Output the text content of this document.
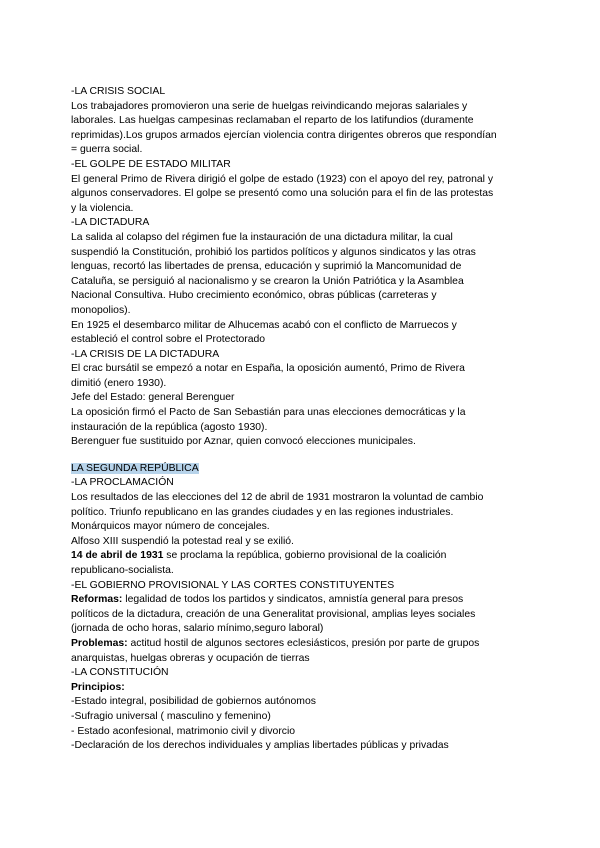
-LA CRISIS SOCIAL
Los trabajadores promovieron una serie de huelgas reivindicando mejoras salariales y
laborales. Las huelgas campesinas reclamaban el reparto de los latifundios (duramente
reprimidas).Los grupos armados ejercían violencia contra dirigentes obreros que respondían
= guerra social.
-EL GOLPE DE ESTADO MILITAR
El general Primo de Rivera dirigió el golpe de estado (1923) con el apoyo del rey, patronal y
algunos conservadores. El golpe se presentó como una solución para el fin de las protestas
y la violencia.
-LA DICTADURA
La salida al colapso del régimen fue la instauración de una dictadura militar, la cual
suspendió la Constitución, prohibió los partidos políticos y algunos sindicatos y las otras
lenguas, recortó las libertades de prensa, educación y suprimió la Mancomunidad de
Cataluña, se persiguió al nacionalismo y se crearon la Unión Patriótica y la Asamblea
Nacional Consultiva. Hubo crecimiento económico, obras públicas (carreteras y
monopolios).
En 1925 el desembarco militar de Alhucemas acabó con el conflicto de Marruecos y
estableció el control sobre el Protectorado
-LA CRISIS DE LA DICTADURA
El crac bursátil se empezó a notar en España, la oposición aumentó, Primo de Rivera
dimitió (enero 1930).
Jefe del Estado: general Berenguer
La oposición firmó el Pacto de San Sebastián para unas elecciones democráticas y la
instauración de la república (agosto 1930).
Berenguer fue sustituido por Aznar, quien convocó elecciones municipales.
LA SEGUNDA REPÚBLICA
-LA PROCLAMACIÓN
Los resultados de las elecciones del 12 de abril de 1931 mostraron la voluntad de cambio
político. Triunfo republicano en las grandes ciudades y en las regiones industriales.
Monárquicos mayor número de concejales.
Alfoso XIII suspendió la potestad real y se exilió.
14 de abril de 1931 se proclama la república, gobierno provisional de la coalición
republicano-socialista.
-EL GOBIERNO PROVISIONAL Y LAS CORTES CONSTITUYENTES
Reformas: legalidad de todos los partidos y sindicatos, amnistía general para presos
políticos de la dictadura, creación de una Generalitat provisional, amplias leyes sociales
(jornada de ocho horas, salario mínimo,seguro laboral)
Problemas: actitud hostil de algunos sectores eclesiásticos, presión por parte de grupos
anarquistas, huelgas obreras y ocupación de tierras
-LA CONSTITUCIÓN
Principios:
-Estado integral, posibilidad de gobiernos autónomos
-Sufragio universal ( masculino y femenino)
- Estado aconfesional, matrimonio civil y divorcio
-Declaración de los derechos individuales y amplias libertades públicas y privadas
